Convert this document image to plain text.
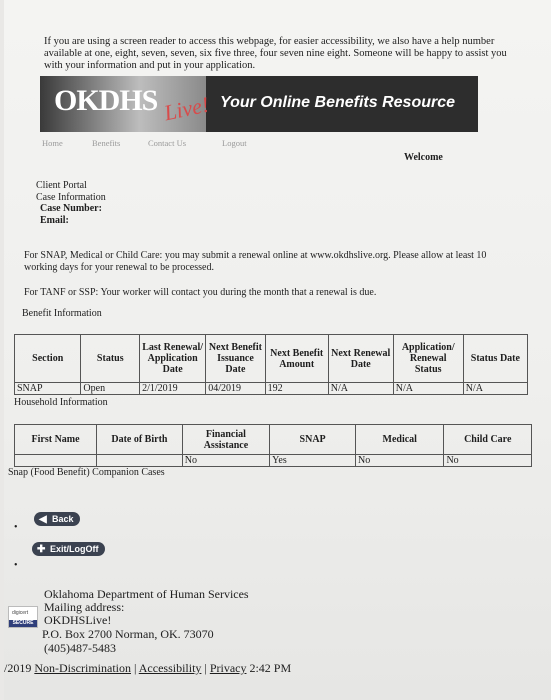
If you are using a screen reader to access this webpage, for easier accessibility, we also have a help number available at one, eight, seven, seven, six five three, four seven nine eight. Someone will be happy to assist you with your information and put in your application.
OKDHS Live! Your Online Benefits Resource
Home	Benefits	Contact Us	Logout
Welcome
Client Portal
Case Information
Case Number:
Email:
For SNAP, Medical or Child Care: you may submit a renewal online at www.okdhslive.org. Please allow at least 10 working days for your renewal to be processed.
For TANF or SSP: Your worker will contact you during the month that a renewal is due.
Benefit Information
Section	Status	Last Renewal/ Application Date	Next Benefit Issuance Date	Next Benefit Amount	Next Renewal Date	Application/ Renewal Status	Status Date
SNAP	Open	2/1/2019	04/2019	192	N/A	N/A	N/A
Household Information
First Name	Date of Birth	Financial Assistance	SNAP	Medical	Child Care
		No	Yes	No	No
Snap (Food Benefit) Companion Cases
•
◀ Back
•
✚ Exit/LogOff
Oklahoma Department of Human Services
Mailing address:
digicert
SECURE OKDHSLive!
P.O. Box 2700 Norman, OK. 73070
(405)487-5483
/2019 Non-Discrimination | Accessibility | Privacy 2:42 PM
